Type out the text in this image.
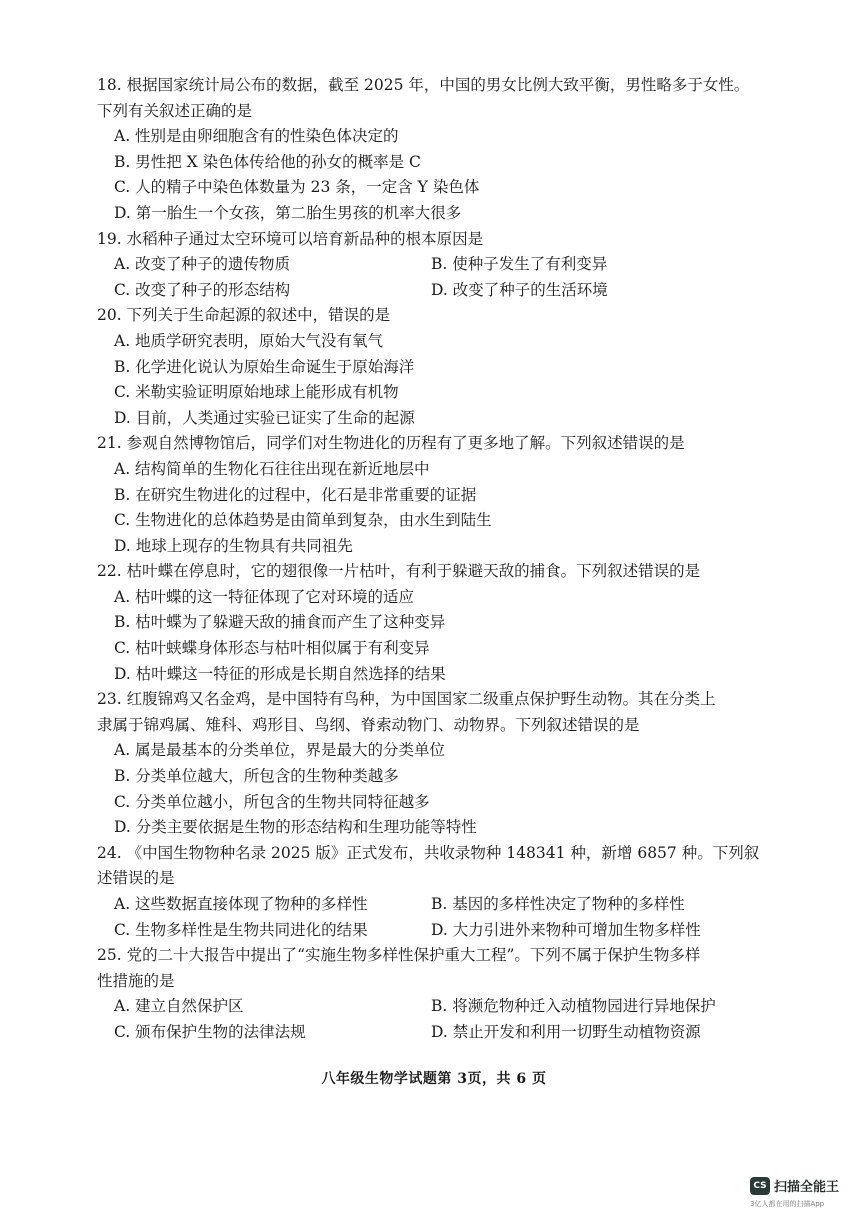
18. 根据国家统计局公布的数据，截至 2025 年，中国的男女比例大致平衡，男性略多于女性。
下列有关叙述正确的是
A. 性别是由卵细胞含有的性染色体决定的
B. 男性把 X 染色体传给他的孙女的概率是 C
C. 人的精子中染色体数量为 23 条，一定含 Y 染色体
D. 第一胎生一个女孩，第二胎生男孩的机率大很多
19. 水稻种子通过太空环境可以培育新品种的根本原因是
A. 改变了种子的遗传物质	B. 使种子发生了有利变异
C. 改变了种子的形态结构	D. 改变了种子的生活环境
20. 下列关于生命起源的叙述中，错误的是
A. 地质学研究表明，原始大气没有氧气
B. 化学进化说认为原始生命诞生于原始海洋
C. 米勒实验证明原始地球上能形成有机物
D. 目前，人类通过实验已证实了生命的起源
21. 参观自然博物馆后，同学们对生物进化的历程有了更多地了解。下列叙述错误的是
A. 结构简单的生物化石往往出现在新近地层中
B. 在研究生物进化的过程中，化石是非常重要的证据
C. 生物进化的总体趋势是由简单到复杂，由水生到陆生
D. 地球上现存的生物具有共同祖先
22. 枯叶蝶在停息时，它的翅很像一片枯叶，有利于躲避天敌的捕食。下列叙述错误的是
A. 枯叶蝶的这一特征体现了它对环境的适应
B. 枯叶蝶为了躲避天敌的捕食而产生了这种变异
C. 枯叶蛱蝶身体形态与枯叶相似属于有利变异
D. 枯叶蝶这一特征的形成是长期自然选择的结果
23. 红腹锦鸡又名金鸡，是中国特有鸟种，为中国国家二级重点保护野生动物。其在分类上
隶属于锦鸡属、雉科、鸡形目、鸟纲、脊索动物门、动物界。下列叙述错误的是
A. 属是最基本的分类单位，界是最大的分类单位
B. 分类单位越大，所包含的生物种类越多
C. 分类单位越小，所包含的生物共同特征越多
D. 分类主要依据是生物的形态结构和生理功能等特性
24. 《中国生物物种名录 2025 版》正式发布，共收录物种 148341 种，新增 6857 种。下列叙
述错误的是
A. 这些数据直接体现了物种的多样性	B. 基因的多样性决定了物种的多样性
C. 生物多样性是生物共同进化的结果	D. 大力引进外来物种可增加生物多样性
25. 党的二十大报告中提出了“实施生物多样性保护重大工程”。下列不属于保护生物多样
性措施的是
A. 建立自然保护区	B. 将濒危物种迁入动植物园进行异地保护
C. 颁布保护生物的法律法规	D. 禁止开发和利用一切野生动植物资源
八年级生物学试题第 3页，共 6 页
CS 扫描全能王
3亿人都在用的扫描App
